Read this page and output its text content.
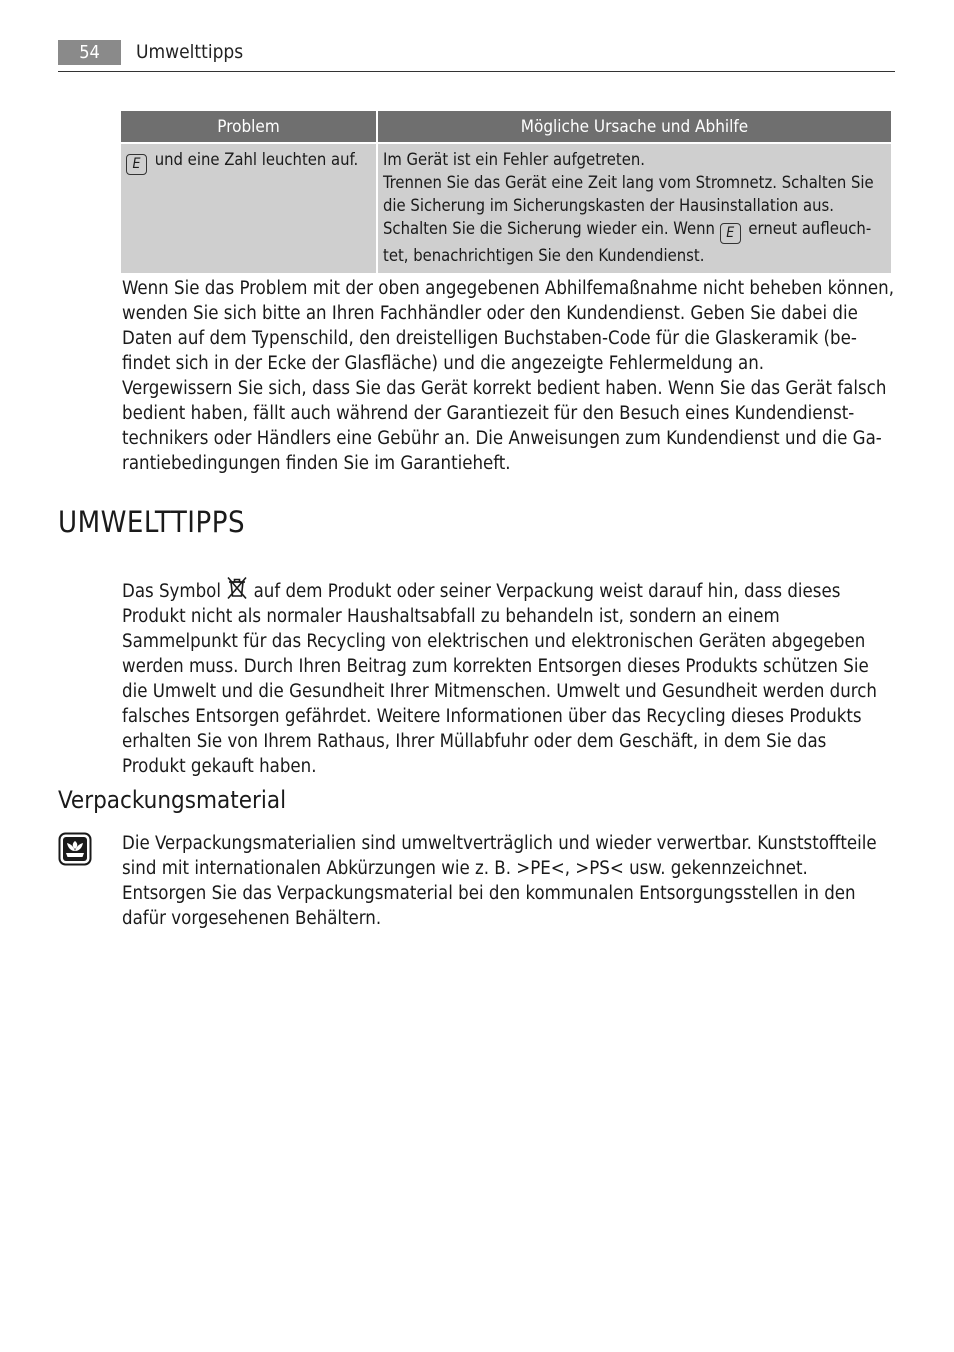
54	Umwelttipps
Problem	Mögliche Ursache und Abhilfe
E und eine Zahl leuchten auf.	Im Gerät ist ein Fehler aufgetreten.
Trennen Sie das Gerät eine Zeit lang vom Stromnetz. Schalten Sie die Sicherung im Sicherungskasten der Hausinstallation aus.
Schalten Sie die Sicherung wieder ein. Wenn E erneut aufleuchtet, benachrichtigen Sie den Kundendienst.

Wenn Sie das Problem mit der oben angegebenen Abhilfemaßnahme nicht beheben können, wenden Sie sich bitte an Ihren Fachhändler oder den Kundendienst. Geben Sie dabei die Daten auf dem Typenschild, den dreistelligen Buchstaben-Code für die Glaskeramik (befindet sich in der Ecke der Glasfläche) und die angezeigte Fehlermeldung an.

Vergewissern Sie sich, dass Sie das Gerät korrekt bedient haben. Wenn Sie das Gerät falsch bedient haben, fällt auch während der Garantiezeit für den Besuch eines Kundendiensttechnikers oder Händlers eine Gebühr an. Die Anweisungen zum Kundendienst und die Garantiebedingungen finden Sie im Garantieheft.

UMWELTTIPPS

Das Symbol auf dem Produkt oder seiner Verpackung weist darauf hin, dass dieses Produkt nicht als normaler Haushaltsabfall zu behandeln ist, sondern an einem Sammelpunkt für das Recycling von elektrischen und elektronischen Geräten abgegeben werden muss. Durch Ihren Beitrag zum korrekten Entsorgen dieses Produkts schützen Sie die Umwelt und die Gesundheit Ihrer Mitmenschen. Umwelt und Gesundheit werden durch falsches Entsorgen gefährdet. Weitere Informationen über das Recycling dieses Produkts erhalten Sie von Ihrem Rathaus, Ihrer Müllabfuhr oder dem Geschäft, in dem Sie das Produkt gekauft haben.

Verpackungsmaterial

Die Verpackungsmaterialien sind umweltverträglich und wieder verwertbar. Kunststoffteile sind mit internationalen Abkürzungen wie z. B. >PE<, >PS< usw. gekennzeichnet. Entsorgen Sie das Verpackungsmaterial bei den kommunalen Entsorgungsstellen in den dafür vorgesehenen Behältern.
